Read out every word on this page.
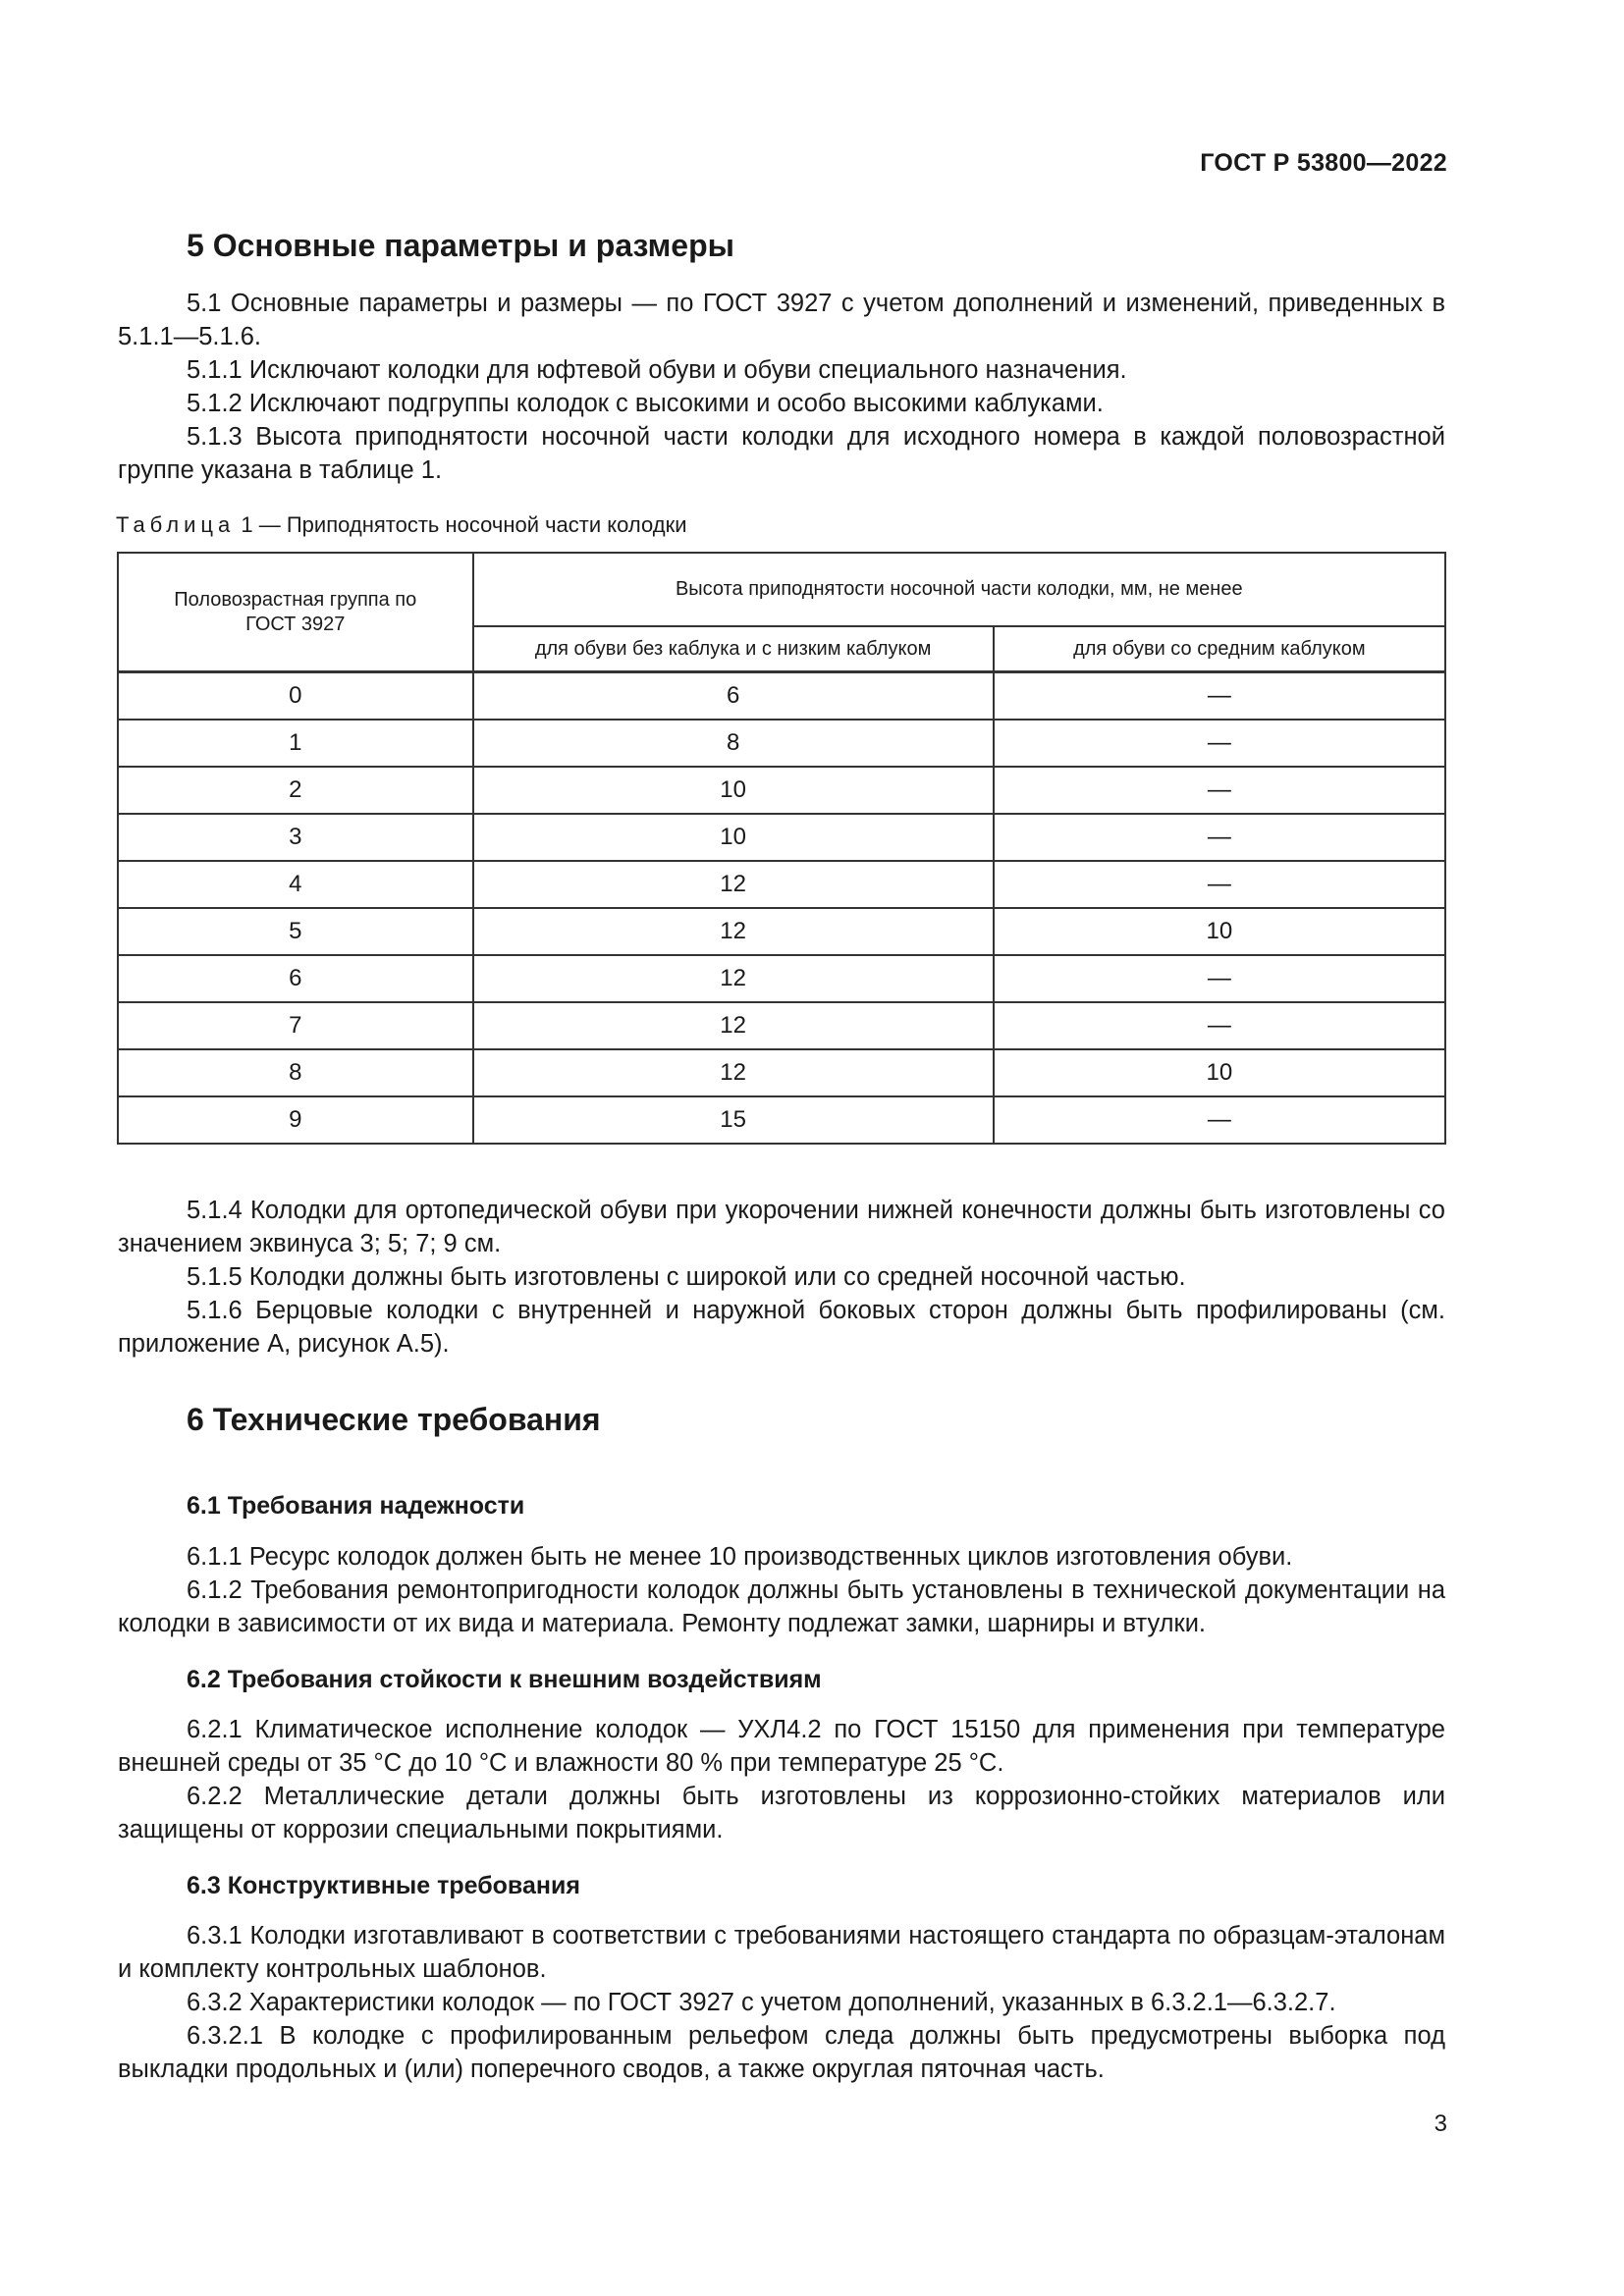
ГОСТ Р 53800—2022
5 Основные параметры и размеры

5.1 Основные параметры и размеры — по ГОСТ 3927 с учетом дополнений и изменений, приведенных в 5.1.1—5.1.6.

5.1.1 Исключают колодки для юфтевой обуви и обуви специального назначения.

5.1.2 Исключают подгруппы колодок с высокими и особо высокими каблуками.

5.1.3 Высота приподнятости носочной части колодки для исходного номера в каждой половозрастной группе указана в таблице 1.

Таблица 1 — Приподнятость носочной части колодки
Половозрастная группа по ГОСТ 3927	Высота приподнятости носочной части колодки, мм, не менее	
	для обуви без каблука и с низким каблуком	для обуви со средним каблуком
0	6	—
1	8	—
2	10	—
3	10	—
4	12	—
5	12	10
6	12	—
7	12	—
8	12	10
9	15	—

5.1.4 Колодки для ортопедической обуви при укорочении нижней конечности должны быть изготовлены со значением эквинуса 3; 5; 7; 9 см.

5.1.5 Колодки должны быть изготовлены с широкой или со средней носочной частью.

5.1.6 Берцовые колодки с внутренней и наружной боковых сторон должны быть профилированы (см. приложение А, рисунок А.5).

6 Технические требования
6.1 Требования надежности

6.1.1 Ресурс колодок должен быть не менее 10 производственных циклов изготовления обуви.

6.1.2 Требования ремонтопригодности колодок должны быть установлены в технической документации на колодки в зависимости от их вида и материала. Ремонту подлежат замки, шарниры и втулки.

6.2 Требования стойкости к внешним воздействиям

6.2.1 Климатическое исполнение колодок — УХЛ4.2 по ГОСТ 15150 для применения при температуре внешней среды от 35 °С до 10 °С и влажности 80 % при температуре 25 °С.

6.2.2 Металлические детали должны быть изготовлены из коррозионно-стойких материалов или защищены от коррозии специальными покрытиями.

6.3 Конструктивные требования

6.3.1 Колодки изготавливают в соответствии с требованиями настоящего стандарта по образцам-эталонам и комплекту контрольных шаблонов.

6.3.2 Характеристики колодок — по ГОСТ 3927 с учетом дополнений, указанных в 6.3.2.1—6.3.2.7.

6.3.2.1 В колодке с профилированным рельефом следа должны быть предусмотрены выборка под выкладки продольных и (или) поперечного сводов, а также округлая пяточная часть.

3
